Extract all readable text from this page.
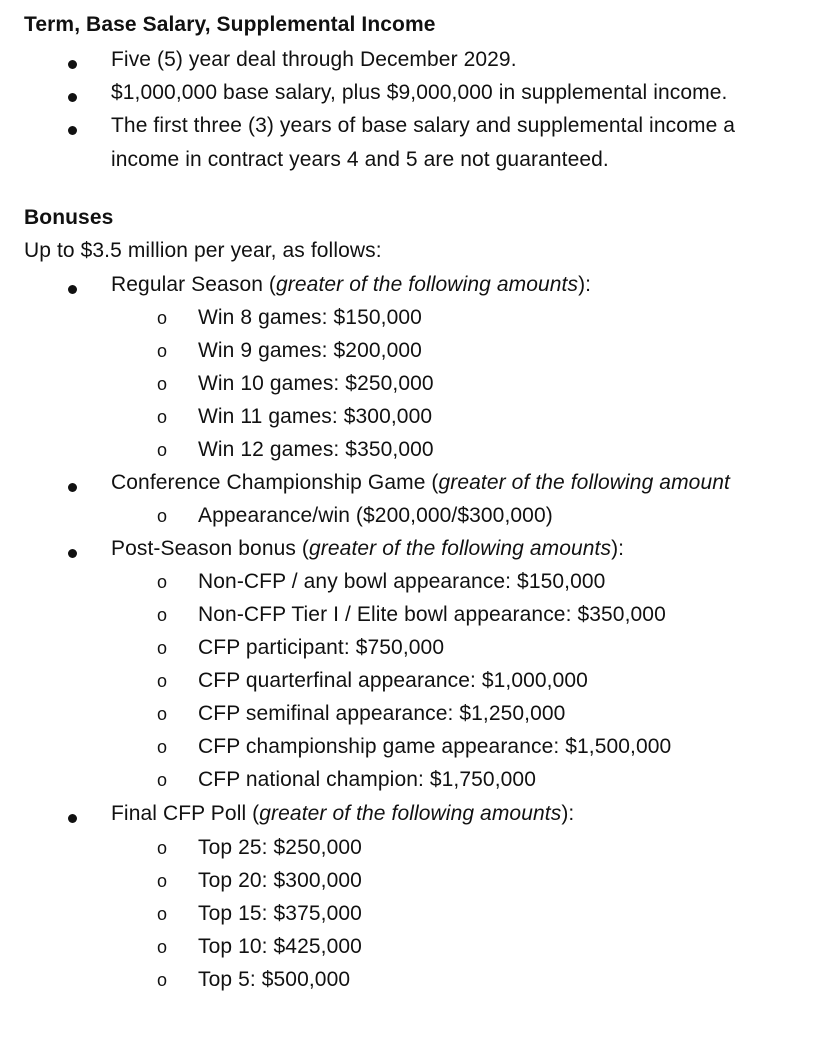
Term, Base Salary, Supplemental Income
Five (5) year deal through December 2029.
$1,000,000 base salary, plus $9,000,000 in supplemental income.
The first three (3) years of base salary and supplemental income a
income in contract years 4 and 5 are not guaranteed.
Bonuses
Up to $3.5 million per year, as follows:
Regular Season (greater of the following amounts):
o Win 8 games: $150,000
o Win 9 games: $200,000
o Win 10 games: $250,000
o Win 11 games: $300,000
o Win 12 games: $350,000
Conference Championship Game (greater of the following amount
o Appearance/win ($200,000/$300,000)
Post-Season bonus (greater of the following amounts):
o Non-CFP / any bowl appearance: $150,000
o Non-CFP Tier I / Elite bowl appearance: $350,000
o CFP participant: $750,000
o CFP quarterfinal appearance: $1,000,000
o CFP semifinal appearance: $1,250,000
o CFP championship game appearance: $1,500,000
o CFP national champion: $1,750,000
Final CFP Poll (greater of the following amounts):
o Top 25: $250,000
o Top 20: $300,000
o Top 15: $375,000
o Top 10: $425,000
o Top 5: $500,000
